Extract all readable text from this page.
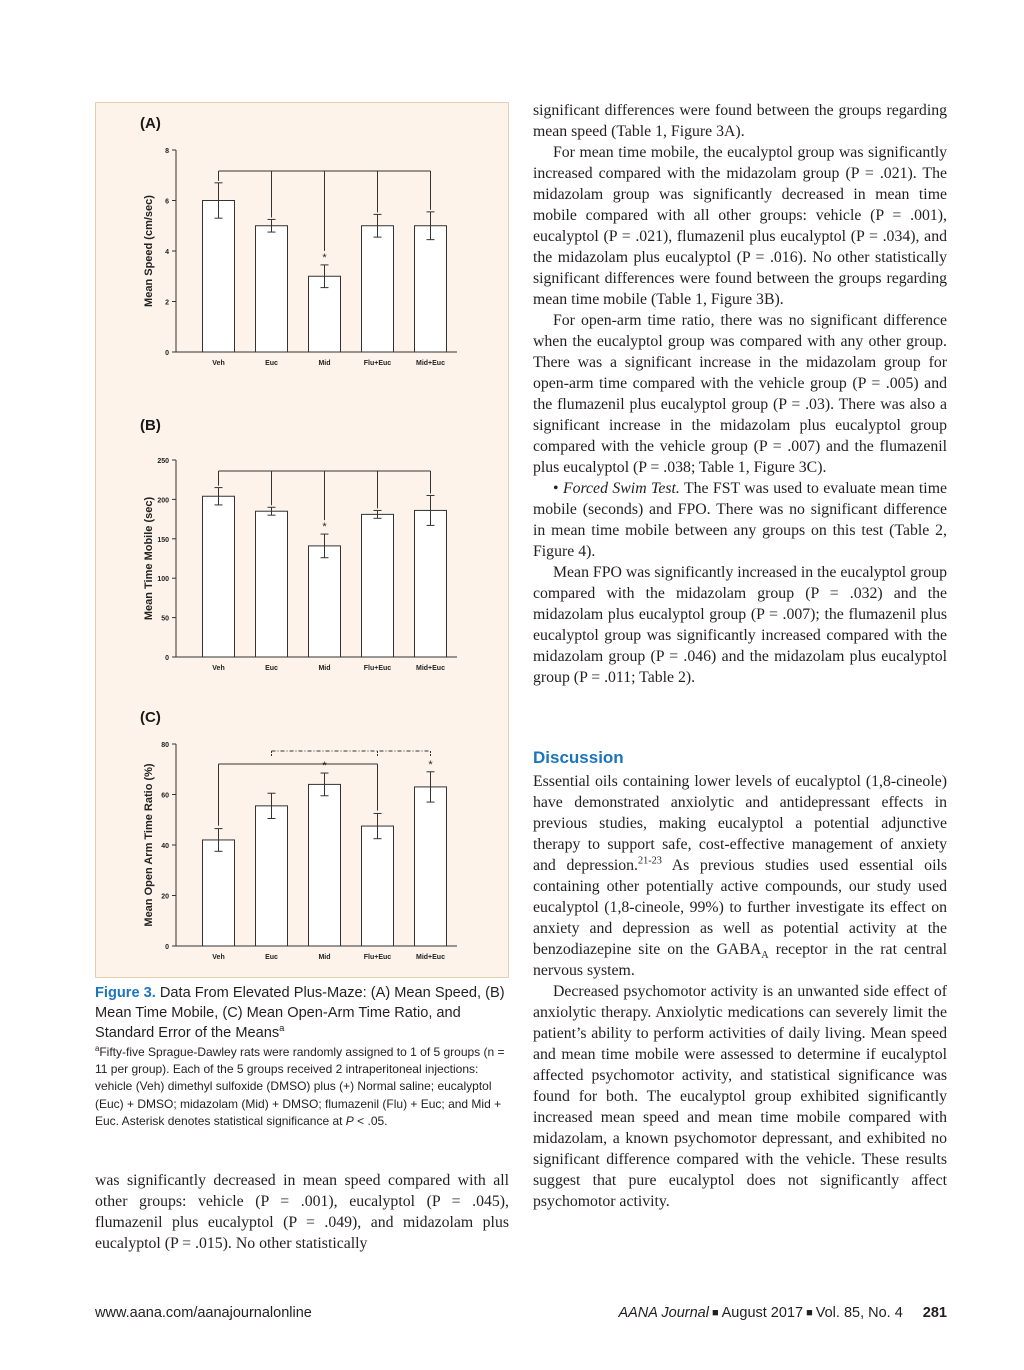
(A)
0
2
4
6
8
Mean Speed (cm/sec)
Veh	Euc	Mid	Flu+Euc	Mid+Euc
*
(B)
0
50
100
150
200
250
Mean Time Mobile (sec)
Veh	Euc	Mid	Flu+Euc	Mid+Euc
*
(C)
0
20
40
60
80
Mean Open Arm Time Ratio (%)
Veh	Euc	Mid	Flu+Euc	Mid+Euc
*	*

Figure 3. Data From Elevated Plus-Maze: (A) Mean Speed, (B) Mean Time Mobile, (C) Mean Open-Arm Time Ratio, and Standard Error of the Means$^a$

$^a$Fifty-five Sprague-Dawley rats were randomly assigned to 1 of 5 groups (n = 11 per group). Each of the 5 groups received 2 intraperitoneal injections: vehicle (Veh) dimethyl sulfoxide (DMSO) plus (+) Normal saline; eucalyptol (Euc) + DMSO; midazolam (Mid) + DMSO; flumazenil (Flu) + Euc; and Mid + Euc. Asterisk denotes statistical significance at P < .05.

was significantly decreased in mean speed compared with all other groups: vehicle (P = .001), eucalyptol (P = .045), flumazenil plus eucalyptol (P = .049), and midazolam plus eucalyptol (P = .015). No other statistically

significant differences were found between the groups regarding mean speed (Table 1, Figure 3A).

For mean time mobile, the eucalyptol group was significantly increased compared with the midazolam group (P = .021). The midazolam group was significantly decreased in mean time mobile compared with all other groups: vehicle (P = .001), eucalyptol (P = .021), flumazenil plus eucalyptol (P = .034), and the midazolam plus eucalyptol (P = .016). No other statistically significant differences were found between the groups regarding mean time mobile (Table 1, Figure 3B).

For open-arm time ratio, there was no significant difference when the eucalyptol group was compared with any other group. There was a significant increase in the midazolam group for open-arm time compared with the vehicle group (P = .005) and the flumazenil plus eucalyptol group (P = .03). There was also a significant increase in the midazolam plus eucalyptol group compared with the vehicle group (P = .007) and the flumazenil plus eucalyptol (P = .038; Table 1, Figure 3C).

• Forced Swim Test. The FST was used to evaluate mean time mobile (seconds) and FPO. There was no significant difference in mean time mobile between any groups on this test (Table 2, Figure 4).

Mean FPO was significantly increased in the eucalyptol group compared with the midazolam group (P = .032) and the midazolam plus eucalyptol group (P = .007); the flumazenil plus eucalyptol group was significantly increased compared with the midazolam group (P = .046) and the midazolam plus eucalyptol group (P = .011; Table 2).

Discussion

Essential oils containing lower levels of eucalyptol (1,8-cineole) have demonstrated anxiolytic and antidepressant effects in previous studies, making eucalyptol a potential adjunctive therapy to support safe, cost-effective management of anxiety and depression.$^{21-23}$ As previous studies used essential oils containing other potentially active compounds, our study used eucalyptol (1,8-cineole, 99%) to further investigate its effect on anxiety and depression as well as potential activity at the benzodiazepine site on the $GABA_A$ receptor in the rat central nervous system.

Decreased psychomotor activity is an unwanted side effect of anxiolytic therapy. Anxiolytic medications can severely limit the patient’s ability to perform activities of daily living. Mean speed and mean time mobile were assessed to determine if eucalyptol affected psychomotor activity, and statistical significance was found for both. The eucalyptol group exhibited significantly increased mean speed and mean time mobile compared with midazolam, a known psychomotor depressant, and exhibited no significant difference compared with the vehicle. These results suggest that pure eucalyptol does not significantly affect psychomotor activity.

www.aana.com/aanajournalonline	AANA Journal ■ August 2017 ■ Vol. 85, No. 4 281
